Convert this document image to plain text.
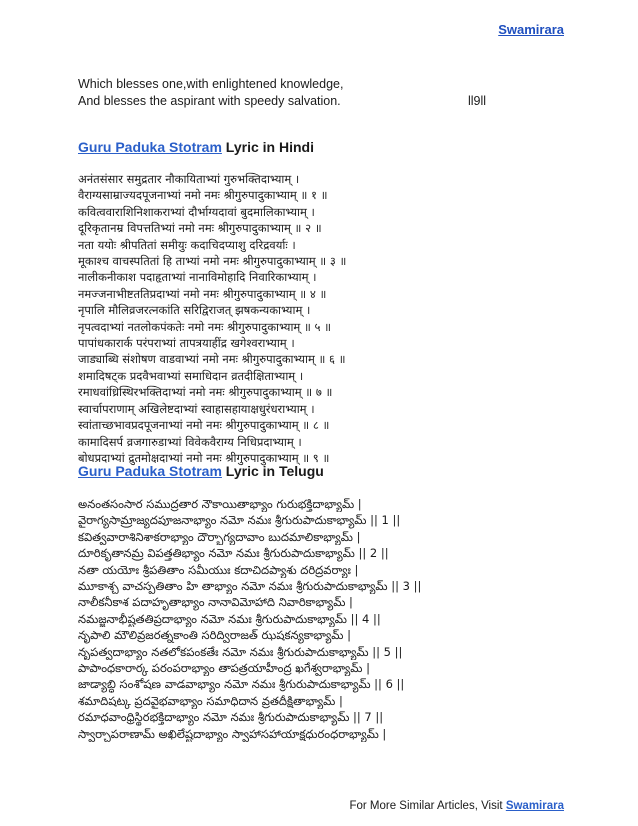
Swamirara
Which blesses one,with enlightened knowledge,
And blesses the aspirant with speedy salvation.	ll9ll
Guru Paduka Stotram Lyric in Hindi
अनंतसंसार समुद्रतार नौकायिताभ्यां गुरुभक्तिदाभ्याम् ।
वैराग्यसाम्राज्यदपूजनाभ्यां नमो नमः श्रीगुरुपादुकाभ्याम् ॥ १ ॥
कवित्ववाराशिनिशाकराभ्यां दौर्भाग्यदावां बुदमालिकाभ्याम् ।
दूरिकृतानम्र विपत्ततिभ्यां नमो नमः श्रीगुरुपादुकाभ्याम् ॥ २ ॥
नता ययोः श्रीपतितां समीयुः कदाचिदप्याशु दरिद्रवर्याः ।
मूकाश्च वाचस्पतितां हि ताभ्यां नमो नमः श्रीगुरुपादुकाभ्याम् ॥ ३ ॥
नालीकनीकाश पदाहृताभ्यां नानाविमोहादि निवारिकाभ्याम् ।
नमज्जनाभीष्टततिप्रदाभ्यां नमो नमः श्रीगुरुपादुकाभ्याम् ॥ ४ ॥
नृपालि मौलिव्रजरत्नकांति सरिद्विराजत् झषकन्यकाभ्याम् ।
नृपत्वदाभ्यां नतलोकपंकतेः नमो नमः श्रीगुरुपादुकाभ्याम् ॥ ५ ॥
पापांधकारार्क परंपराभ्यां तापत्रयाहींद्र खगेश्वराभ्याम् ।
जाड्याब्धि संशोषण वाडवाभ्यां नमो नमः श्रीगुरुपादुकाभ्याम् ॥ ६ ॥
शमादिषट्क प्रदवैभवाभ्यां समाधिदान व्रतदीक्षिताभ्याम् ।
रमाधवांध्रिस्थिरभक्तिदाभ्यां नमो नमः श्रीगुरुपादुकाभ्याम् ॥ ७ ॥
स्वार्चापराणाम् अखिलेष्टदाभ्यां स्वाहासहायाक्षधुरंधराभ्याम् ।
स्वांताच्छभावप्रदपूजनाभ्यां नमो नमः श्रीगुरुपादुकाभ्याम् ॥ ८ ॥
कामादिसर्प व्रजगारुडाभ्यां विवेकवैराग्य निधिप्रदाभ्याम् ।
बोधप्रदाभ्यां द्रुतमोक्षदाभ्यां नमो नमः श्रीगुरुपादुकाभ्याम् ॥ ९ ॥
Guru Paduka Stotram Lyric in Telugu
అనంతసంసార సముద్రతార నౌకాయితాభ్యాం గురుభక్తిదాభ్యామ్ |
వైరాగ్యసామ్రాజ్యదపూజనాభ్యాం నమో నమః శ్రీగురుపాదుకాభ్యామ్ || 1 ||
కవిత్వవారాశినిశాకరాభ్యాం దౌర్భాగ్యదావాం బుదమాలికాభ్యామ్ |
దూరికృతానమ్ర విపత్తతిభ్యాం నమో నమః శ్రీగురుపాదుకాభ్యామ్ || 2 ||
నతా యయోః శ్రీపతితాం సమీయుః కదాచిదప్యాశు దరిద్రవర్యాః |
మూకాశ్చ వాచస్పతితాం హి తాభ్యాం నమో నమః శ్రీగురుపాదుకాభ్యామ్ || 3 ||
నాలీకనీకాశ పదాహృతాభ్యాం నానావిమోహాది నివారికాభ్యామ్ |
నమజ్జనాభీష్టతతిప్రదాభ్యాం నమో నమః శ్రీగురుపాదుకాభ్యామ్ || 4 ||
నృపాలి మౌలివ్రజరత్నకాంతి సరిద్విరాజత్ ఝషకన్యకాభ్యామ్ |
నృపత్వదాభ్యాం నతలోకపంకతేః నమో నమః శ్రీగురుపాదుకాభ్యామ్ || 5 ||
పాపాంధకారార్క పరంపరాభ్యాం తాపత్రయాహీంద్ర ఖగేశ్వరాభ్యామ్ |
జాడ్యాబ్ధి సంశోషణ వాడవాభ్యాం నమో నమః శ్రీగురుపాదుకాభ్యామ్ || 6 ||
శమాదిషట్క ప్రదవైభవాభ్యాం సమాధిదాన వ్రతదీక్షితాభ్యామ్ |
రమాధవాంధ్రిస్థిరభక్తిదాభ్యాం నమో నమః శ్రీగురుపాదుకాభ్యామ్ || 7 ||
స్వార్చాపరాణామ్ అఖిలేష్టదాభ్యాం స్వాహాసహాయాక్షధురంధరాభ్యామ్ |
For More Similar Articles, Visit Swamirara
